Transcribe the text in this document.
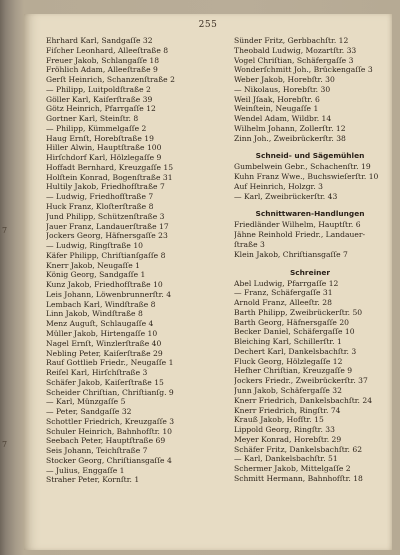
255
Ehrhard Karl, Sandgaſſe 32
Fiſcher Leonhard, Alleeſtraße 8
Freuer Jakob, Schlangaſſe 18
Fröhlich Adam, Alleeſtraße 9
Gerſt Heinrich, Schanzenſtraße 2
— Philipp, Luitpoldſtraße 2
Göller Karl, Kaiſerſtraße 39
Götz Heinrich, Pfarrgaſſe 12
Gortner Karl, Steinſtr. 8
— Philipp, Kümmelgaſſe 2
Haug Ernſt, Horebſtraße 19
Hiller Alwin, Hauptſtraße 100
Hirſchdorf Karl, Hölzlegaſſe 9
Hoffadt Bernhard, Kreuzgaſſe 15
Holſtein Konrad, Bogenſtraße 31
Hultily Jakob, Friedhofſtraße 7
— Ludwig, Friedhofſtraße 7
Huck Franz, Kloſterſtraße 8
Jund Philipp, Schützenſtraße 3
Jauer Franz, Landauerſtraße 17
Jockers Georg, Häfnersgaſſe 23
— Ludwig, Ringſtraße 10
Käfer Philipp, Chriſtianſgaſſe 8
Knerr Jakob, Neugaſſe 1
König Georg, Sandgaſſe 1
Kunz Jakob, Friedhofſtraße 10
Leis Johann, Löwenbrunnerſtr. 4
Lembach Karl, Windſtraße 8
Linn Jakob, Windſtraße 8
Menz Auguſt, Schlaugaſſe 4
Müller Jakob, Hirtengaſſe 10
Nagel Ernſt, Winzlerſtraße 40
Nebling Peter, Kaiſerſtraße 29
Rauf Gottlieb Friedr., Neugaſſe 1
Reiſel Karl, Hirſchſtraße 3
Schäfer Jakob, Kaiſerſtraße 15
Scheider Chriſtian, Chriſtianſg. 9
— Karl, Münzgaſſe 5
— Peter, Sandgaſſe 32
Schottler Friedrich, Kreuzgaſſe 3
Schuler Heinrich, Bahnhofſtr. 10
Seebach Peter, Hauptſtraße 69
Seis Johann, Teichſtraße 7
Stocker Georg, Chriſtiansgaſſe 4
— Julius, Enggaſſe 1
Straher Peter, Kornſtr. 1
Sünder Fritz, Gerbbachſtr. 12
Theobald Ludwig, Mozartſtr. 33
Vogel Chriſtian, Schäfergaſſe 3
Wonderſchmitt Joh., Brückengaſſe 3
Weber Jakob, Horebſtr. 30
— Nikolaus, Horebſtr. 30
Weil Jſaak, Horebſtr. 6
Weinſtein, Neugaſſe 1
Wendel Adam, Wildbr. 14
Wilhelm Johann, Zollerſtr. 12
Zinn Joh., Zweibrückerſtr. 38
Schneid- und Sägemühlen
Gumbelwein Gebr., Schachenſtr. 19
Kuhn Franz Wwe., Buchswieſerſtr. 10
Auf Heinrich, Holzgr. 3
— Karl, Zweibrückerſtr. 43
Schnittwaren-Handlungen
Friedländer Wilhelm, Hauptſtr. 6
Jähne Reinhold Friedr., Landauer-
ſtraße 3
Klein Jakob, Chriſtiansgaſſe 7
Schreiner
Abel Ludwig, Pfarrgaſſe 12
— Franz, Schäfergaſſe 31
Arnold Franz, Alleeſtr. 28
Barth Philipp, Zweibrückerſtr. 50
Barth Georg, Häfnersgaſſe 20
Becker Daniel, Schäfergaſſe 10
Bleiching Karl, Schillerſtr. 1
Dechert Karl, Dankelsbachſtr. 3
Fluck Georg, Hölzlegaſſe 12
Hefher Chriſtian, Kreuzgaſſe 9
Jockers Friedr., Zweibrückerſtr. 37
Junn Jakob, Schäfergaſſe 32
Knerr Friedrich, Dankelsbachſtr. 24
Knerr Friedrich, Ringſtr. 74
Krauß Jakob, Hofſtr. 15
Lippold Georg, Ringſtr. 33
Meyer Konrad, Horebſtr. 29
Schäfer Fritz, Dankelsbachſtr. 62
— Karl, Dankelsbachſtr. 51
Schermer Jakob, Mittelgaſſe 2
Schmitt Hermann, Bahnhofſtr. 18
7
7
